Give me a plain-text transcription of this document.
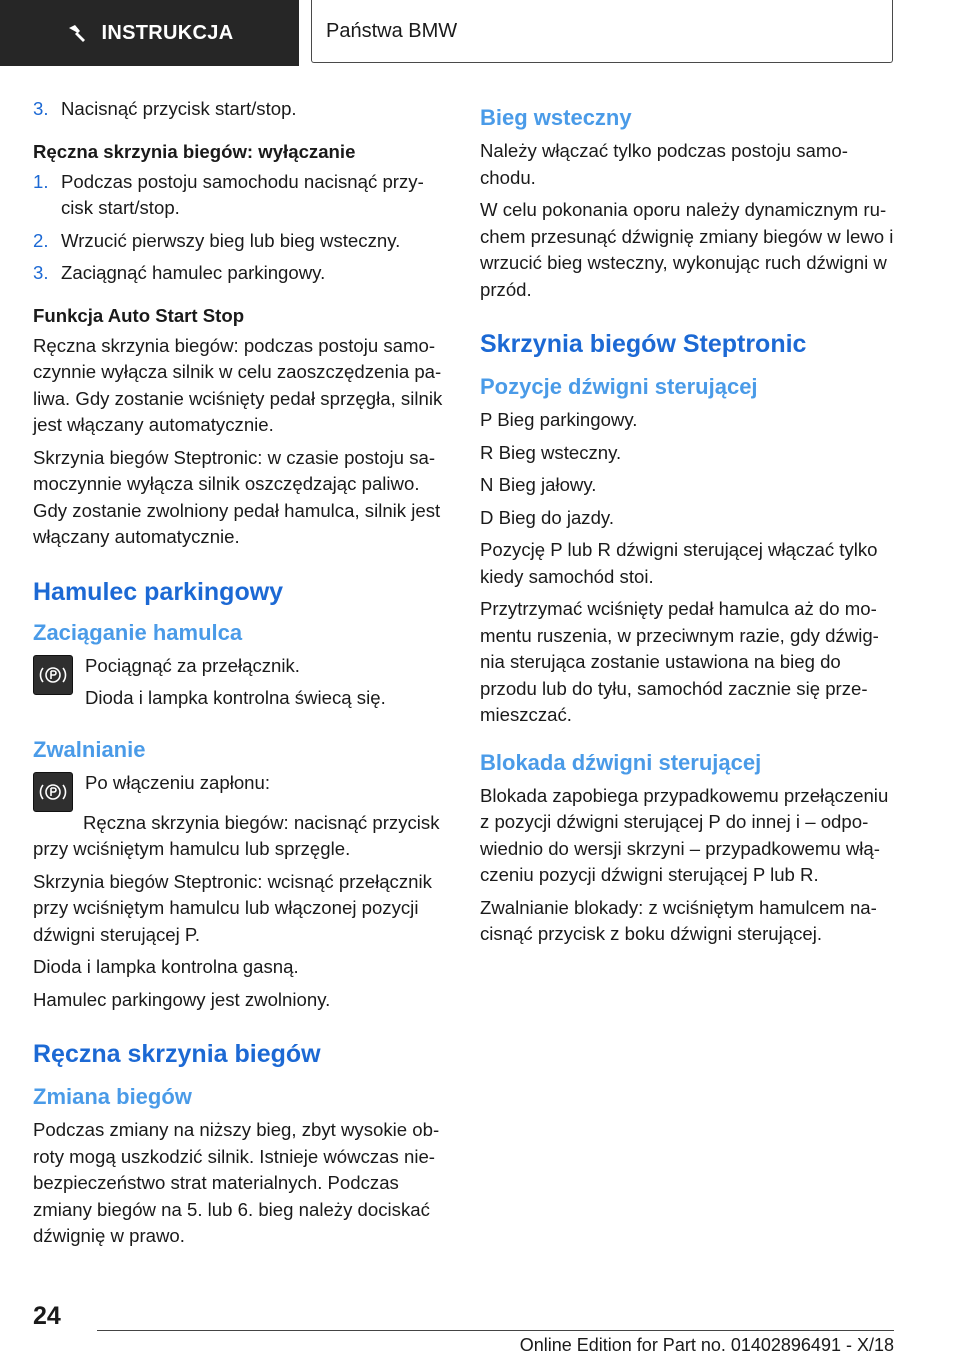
INSTRUKCJA	Państwa BMW
3. Nacisnąć przycisk start/stop.
Ręczna skrzynia biegów: wyłączanie
1. Podczas postoju samochodu nacisnąć przy-cisk start/stop.
2. Wrzucić pierwszy bieg lub bieg wsteczny.
3. Zaciągnąć hamulec parkingowy.
Funkcja Auto Start Stop

Ręczna skrzynia biegów: podczas postoju samo-czynnie wyłącza silnik w celu zaoszczędzenia pa-liwa. Gdy zostanie wciśnięty pedał sprzęgła, silnik jest włączany automatycznie.

Skrzynia biegów Steptronic: w czasie postoju sa-moczynnie wyłącza silnik oszczędzając paliwo. Gdy zostanie zwolniony pedał hamulca, silnik jest włączany automatycznie.

Hamulec parkingowy
Zaciąganie hamulca

Pociągnąć za przełącznik.

Dioda i lampka kontrolna świecą się.

Zwalnianie

Po włączeniu zapłonu:

Ręczna skrzynia biegów: nacisnąć przycisk przy wciśniętym hamulcu lub sprzęgle.

Skrzynia biegów Steptronic: wcisnąć przełącznik przy wciśniętym hamulcu lub włączonej pozycji dźwigni sterującej P.

Dioda i lampka kontrolna gasną.

Hamulec parkingowy jest zwolniony.

Ręczna skrzynia biegów
Zmiana biegów

Podczas zmiany na niższy bieg, zbyt wysokie ob-roty mogą uszkodzić silnik. Istnieje wówczas nie-bezpieczeństwo strat materialnych. Podczas zmiany biegów na 5. lub 6. bieg należy dociskać dźwignię w prawo.

Bieg wsteczny

Należy włączać tylko podczas postoju samo-chodu.

W celu pokonania oporu należy dynamicznym ru-chem przesunąć dźwignię zmiany biegów w lewo i wrzucić bieg wsteczny, wykonując ruch dźwigni w przód.

Skrzynia biegów Steptronic
Pozycje dźwigni sterującej

P Bieg parkingowy.

R Bieg wsteczny.

N Bieg jałowy.

D Bieg do jazdy.

Pozycję P lub R dźwigni sterującej włączać tylko kiedy samochód stoi.

Przytrzymać wciśnięty pedał hamulca aż do mo-mentu ruszenia, w przeciwnym razie, gdy dźwig-nia sterująca zostanie ustawiona na bieg do przodu lub do tyłu, samochód zacznie się prze-mieszczać.

Blokada dźwigni sterującej

Blokada zapobiega przypadkowemu przełączeniu z pozycji dźwigni sterującej P do innej i – odpo-wiednio do wersji skrzyni – przypadkowemu włą-czeniu pozycji dźwigni sterującej P lub R.

Zwalnianie blokady: z wciśniętym hamulcem na-cisnąć przycisk z boku dźwigni sterującej.

24
Online Edition for Part no. 01402896491 - X/18
